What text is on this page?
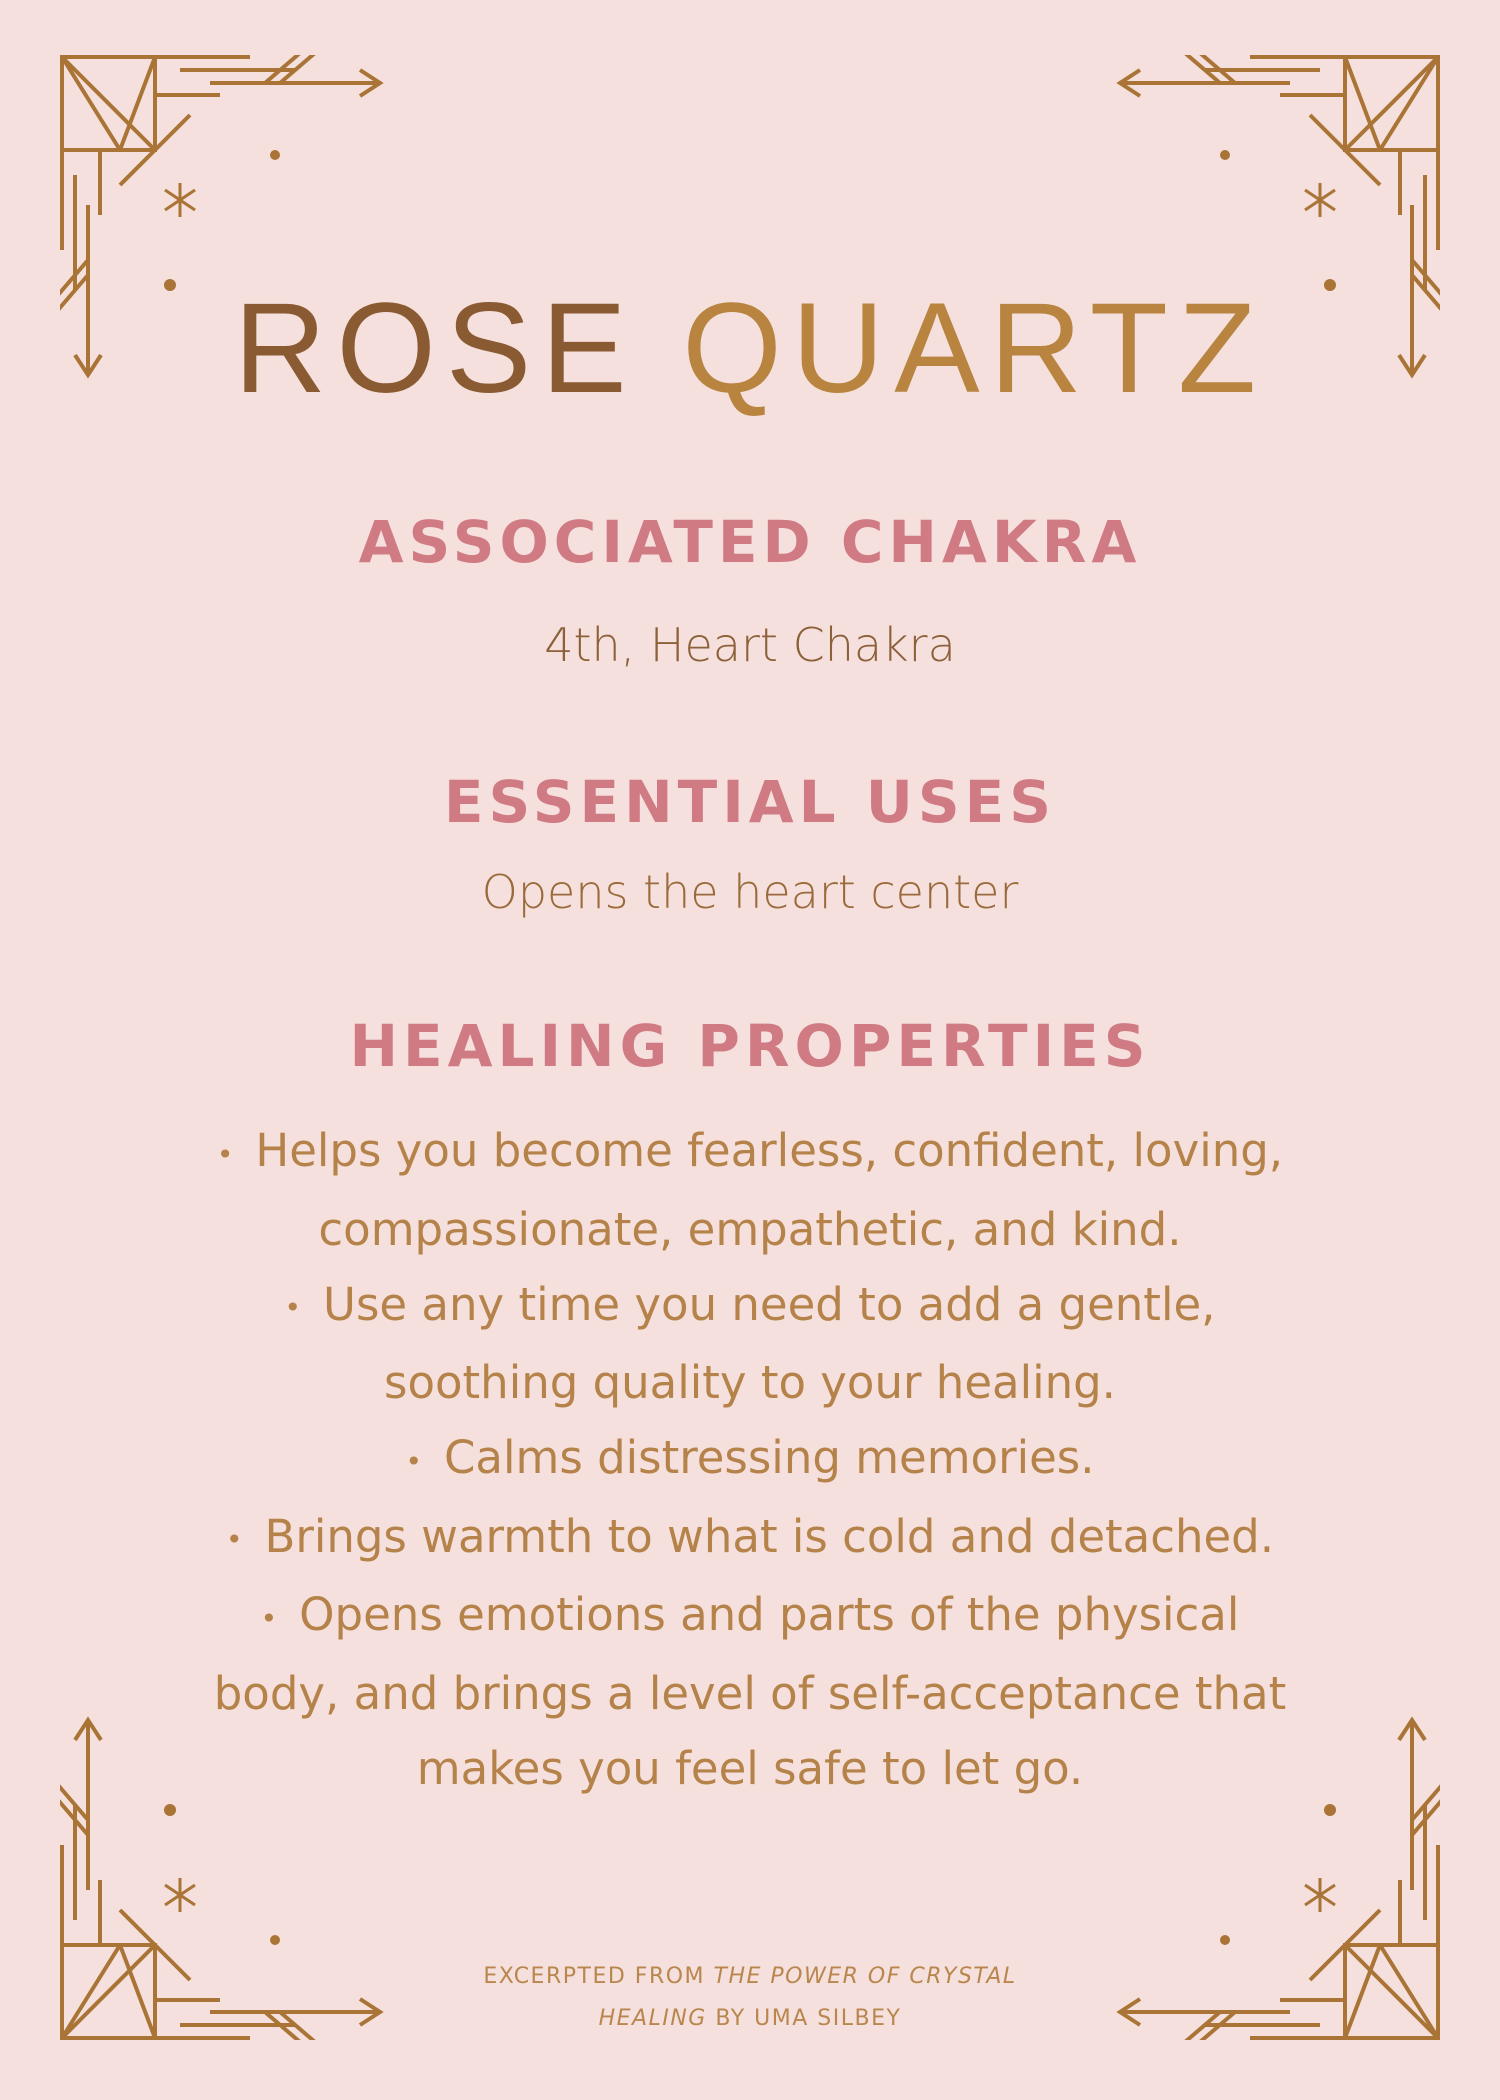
ROSE QUARTZ
ASSOCIATED CHAKRA
4th, Heart Chakra
ESSENTIAL USES
Opens the heart center
HEALING PROPERTIES
• Helps you become fearless, confident, loving, compassionate, empathetic, and kind.
• Use any time you need to add a gentle, soothing quality to your healing.
• Calms distressing memories.
• Brings warmth to what is cold and detached.
• Opens emotions and parts of the physical body, and brings a level of self-acceptance that makes you feel safe to let go.
EXCERPTED FROM THE POWER OF CRYSTAL
HEALING BY UMA SILBEY
